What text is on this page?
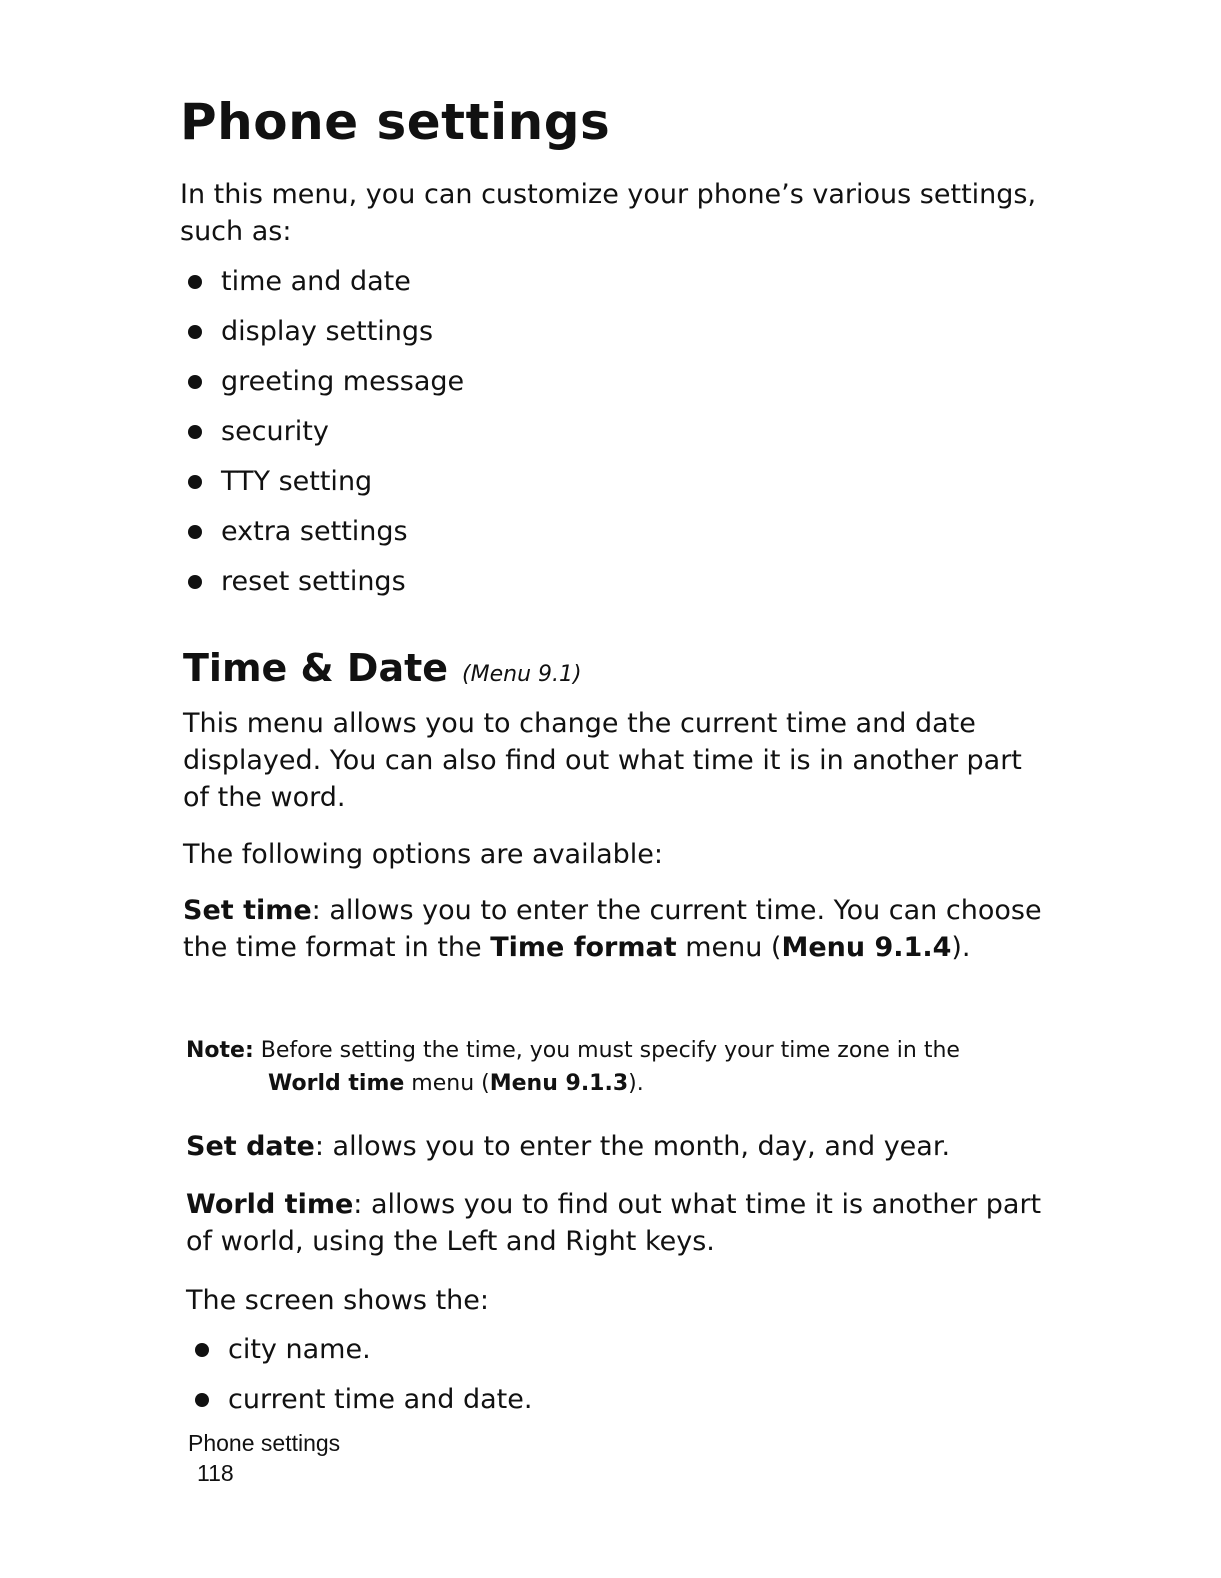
Phone settings

In this menu, you can customize your phone’s various settings, such as:

time and date
display settings
greeting message
security
TTY setting
extra settings
reset settings
Time & Date (Menu 9.1)

This menu allows you to change the current time and date displayed. You can also find out what time it is in another part of the word.

The following options are available:

Set time: allows you to enter the current time. You can choose the time format in the Time format menu (Menu 9.1.4).

Note: Before setting the time, you must specify your time zone in the
World time menu (Menu 9.1.3).

Set date: allows you to enter the month, day, and year.

World time: allows you to find out what time it is another part of world, using the Left and Right keys.

The screen shows the:

city name.
current time and date.

Phone settings

118
